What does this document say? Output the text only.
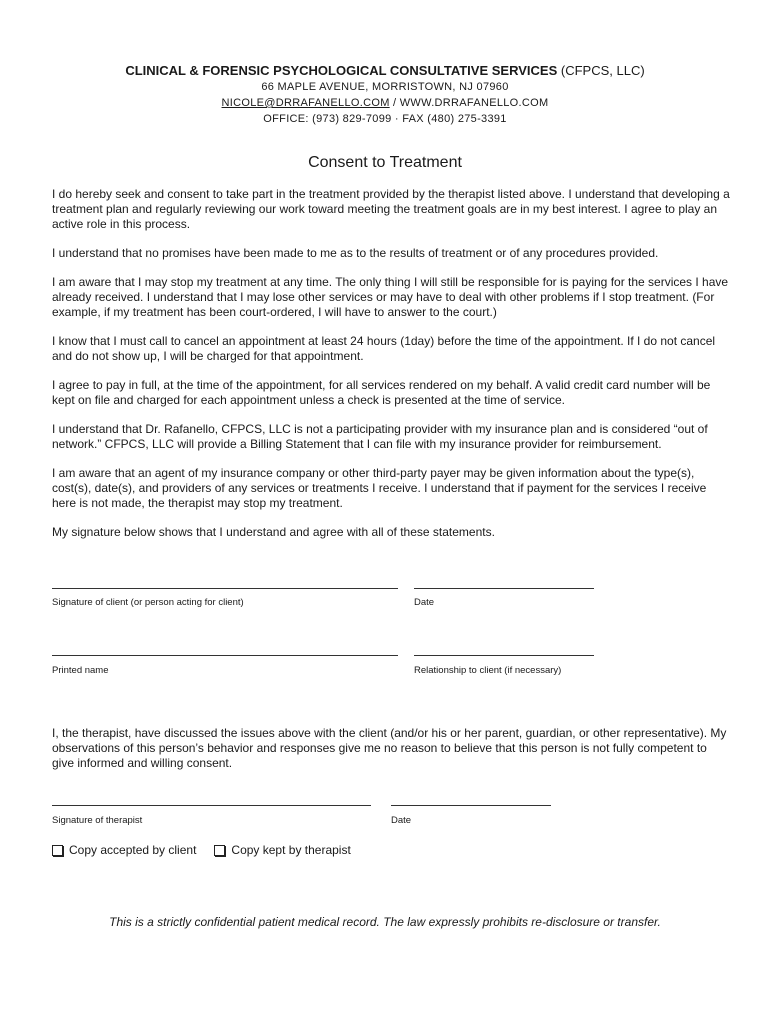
CLINICAL & FORENSIC PSYCHOLOGICAL CONSULTATIVE SERVICES (CFPCS, LLC)
66 MAPLE AVENUE, MORRISTOWN, NJ 07960
NICOLE@DRRAFANELLO.COM / WWW.DRRAFANELLO.COM
OFFICE: (973) 829-7099 · FAX (480) 275-3391
Consent to Treatment

I do hereby seek and consent to take part in the treatment provided by the therapist listed above. I understand that developing a treatment plan and regularly reviewing our work toward meeting the treatment goals are in my best interest. I agree to play an active role in this process.

I understand that no promises have been made to me as to the results of treatment or of any procedures provided.

I am aware that I may stop my treatment at any time. The only thing I will still be responsible for is paying for the services I have already received. I understand that I may lose other services or may have to deal with other problems if I stop treatment. (For example, if my treatment has been court-ordered, I will have to answer to the court.)

I know that I must call to cancel an appointment at least 24 hours (1day) before the time of the appointment. If I do not cancel and do not show up, I will be charged for that appointment.

I agree to pay in full, at the time of the appointment, for all services rendered on my behalf. A valid credit card number will be kept on file and charged for each appointment unless a check is presented at the time of service.

I understand that Dr. Rafanello, CFPCS, LLC is not a participating provider with my insurance plan and is considered “out of network.” CFPCS, LLC will provide a Billing Statement that I can file with my insurance provider for reimbursement.

I am aware that an agent of my insurance company or other third-party payer may be given information about the type(s), cost(s), date(s), and providers of any services or treatments I receive. I understand that if payment for the services I receive here is not made, the therapist may stop my treatment.

My signature below shows that I understand and agree with all of these statements.

Signature of client (or person acting for client)	Date
Printed name	Relationship to client (if necessary)

I, the therapist, have discussed the issues above with the client (and/or his or her parent, guardian, or other representative). My observations of this person’s behavior and responses give me no reason to believe that this person is not fully competent to give informed and willing consent.

Signature of therapist	Date
Copy accepted by client	Copy kept by therapist
This is a strictly confidential patient medical record. The law expressly prohibits re-disclosure or transfer.
